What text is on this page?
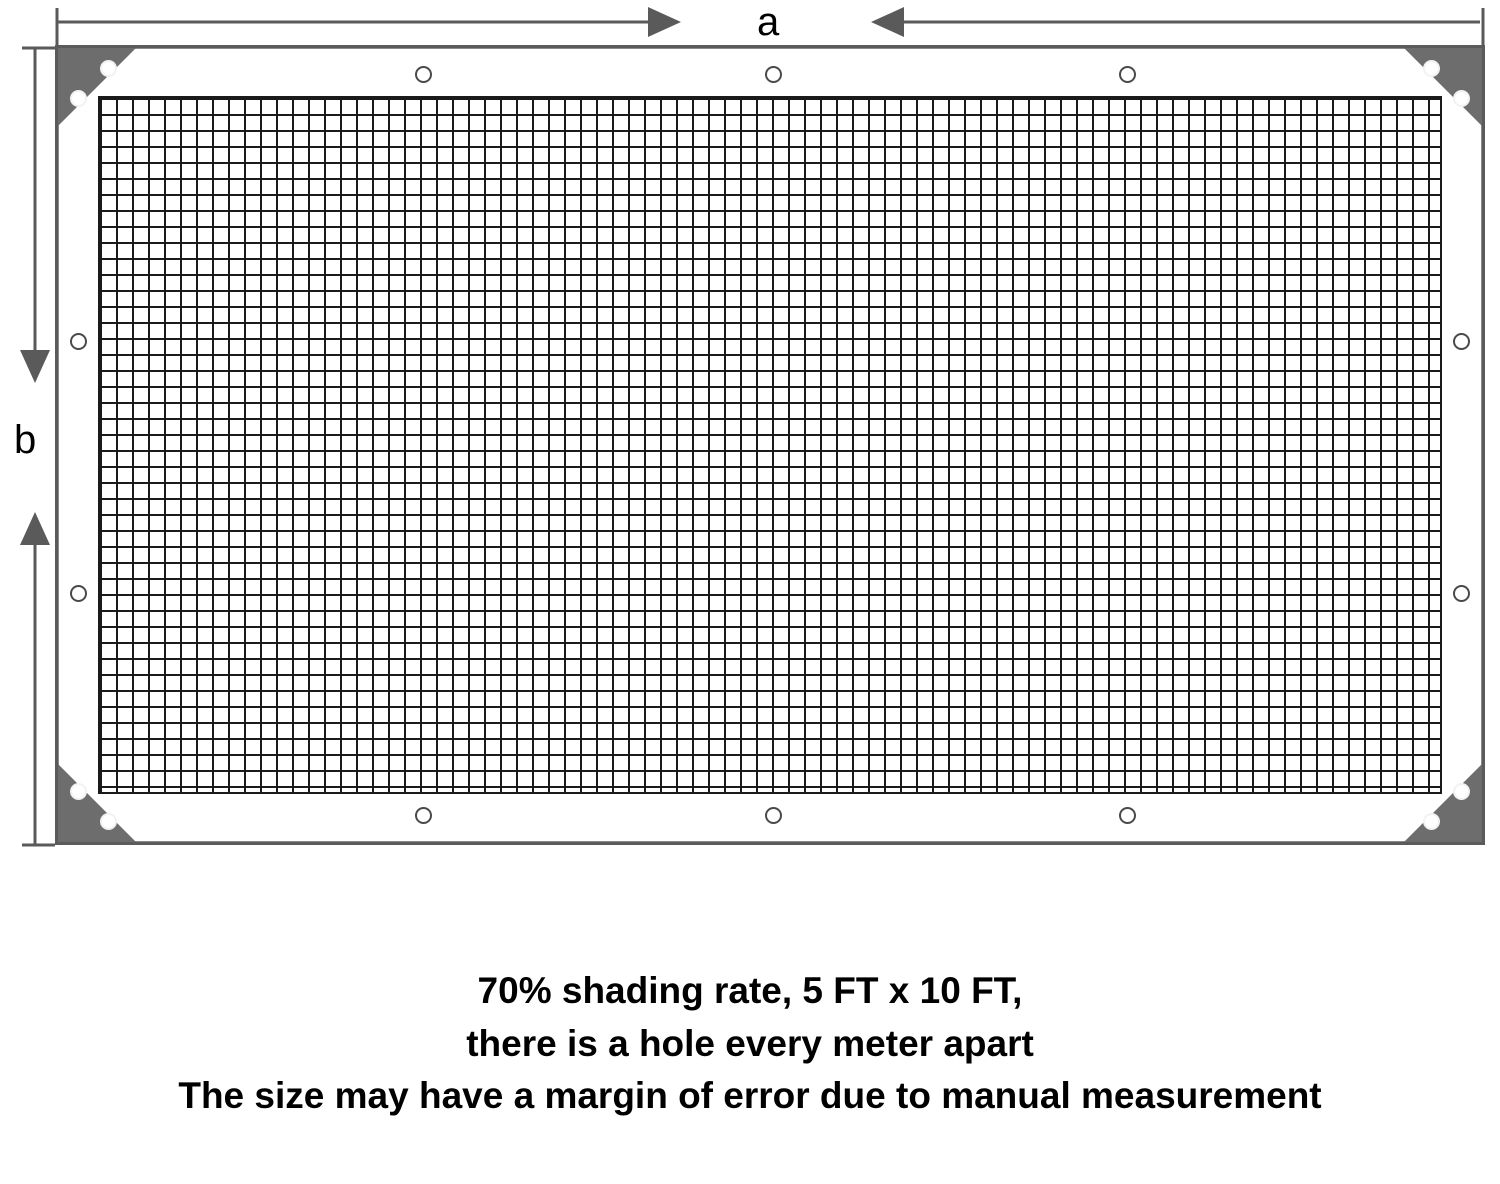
a
b
70% shading rate, 5 FT x 10 FT,
there is a hole every meter apart
The size may have a margin of error due to manual measurement
